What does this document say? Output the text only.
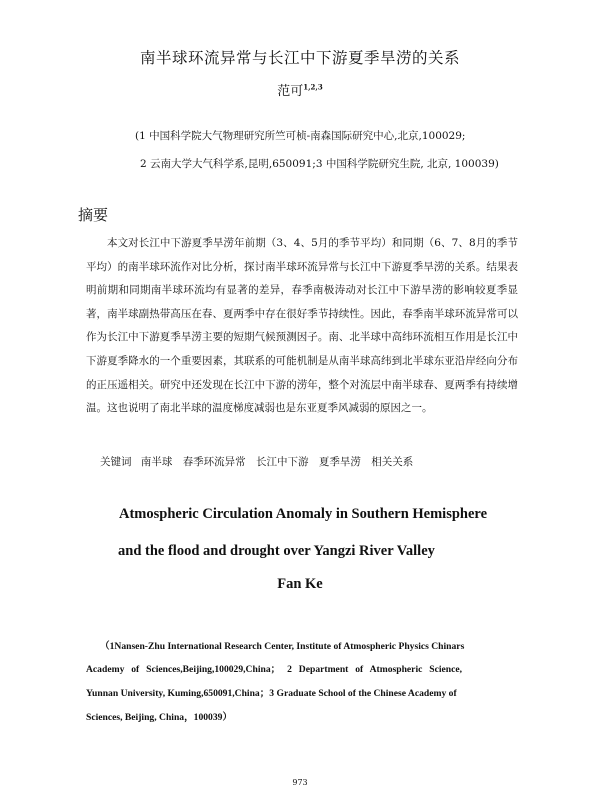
南半球环流异常与长江中下游夏季旱涝的关系
范可$^{1,2,3}$
(1 中国科学院大气物理研究所竺可桢-南森国际研究中心,北京,100029;
2 云南大学大气科学系,昆明,650091;3 中国科学院研究生院, 北京, 100039)
摘要
本文对长江中下游夏季旱涝年前期（3、4、5月的季节平均）和同期（6、7、8月的季节平均）的南半球环流作对比分析，探讨南半球环流异常与长江中下游夏季旱涝的关系。结果表明前期和同期南半球环流均有显著的差异，春季南极涛动对长江中下游旱涝的影响较夏季显著，南半球副热带高压在春、夏两季中存在很好季节持续性。因此，春季南半球环流异常可以作为长江中下游夏季旱涝主要的短期气候预测因子。南、北半球中高纬环流相互作用是长江中下游夏季降水的一个重要因素，其联系的可能机制是从南半球高纬到北半球东亚沿岸经向分布的正压遥相关。研究中还发现在长江中下游的涝年，整个对流层中南半球春、夏两季有持续增温。这也说明了南北半球的温度梯度减弱也是东亚夏季风减弱的原因之一。
关键词 南半球 春季环流异常 长江中下游 夏季旱涝 相关关系
Atmospheric Circulation Anomaly in Southern Hemisphere
and the flood and drought over Yangzi River Valley
Fan Ke
（1Nansen-Zhu International Research Center, Institute of Atmospheric Physics Chinars
Academy of Sciences,Beijing,100029,China； 2 Department of Atmospheric Science,
Yunnan University, Kuming,650091,China；3 Graduate School of the Chinese Academy of
Sciences, Beijing, China，100039）
973
